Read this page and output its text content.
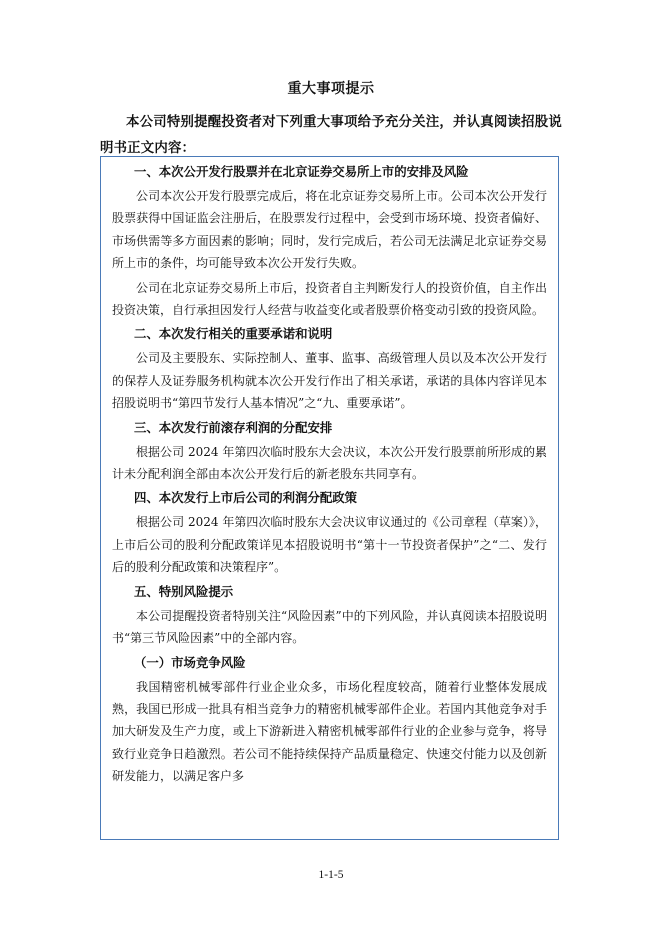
重大事项提示
本公司特别提醒投资者对下列重大事项给予充分关注，并认真阅读招股说明书正文内容：
一、本次公开发行股票并在北京证券交易所上市的安排及风险
公司本次公开发行股票完成后，将在北京证券交易所上市。公司本次公开发行股票获得中国证监会注册后，在股票发行过程中，会受到市场环境、投资者偏好、市场供需等多方面因素的影响；同时，发行完成后，若公司无法满足北京证券交易所上市的条件，均可能导致本次公开发行失败。
公司在北京证券交易所上市后，投资者自主判断发行人的投资价值，自主作出投资决策，自行承担因发行人经营与收益变化或者股票价格变动引致的投资风险。
二、本次发行相关的重要承诺和说明
公司及主要股东、实际控制人、董事、监事、高级管理人员以及本次公开发行的保荐人及证券服务机构就本次公开发行作出了相关承诺，承诺的具体内容详见本招股说明书“第四节发行人基本情况”之“九、重要承诺”。
三、本次发行前滚存利润的分配安排
根据公司 2024 年第四次临时股东大会决议，本次公开发行股票前所形成的累计未分配利润全部由本次公开发行后的新老股东共同享有。
四、本次发行上市后公司的利润分配政策
根据公司 2024 年第四次临时股东大会决议审议通过的《公司章程（草案）》，上市后公司的股利分配政策详见本招股说明书“第十一节投资者保护”之“二、发行后的股利分配政策和决策程序”。
五、特别风险提示
本公司提醒投资者特别关注“风险因素”中的下列风险，并认真阅读本招股说明书“第三节风险因素”中的全部内容。
（一）市场竞争风险
我国精密机械零部件行业企业众多，市场化程度较高，随着行业整体发展成熟，我国已形成一批具有相当竞争力的精密机械零部件企业。若国内其他竞争对手加大研发及生产力度，或上下游新进入精密机械零部件行业的企业参与竞争，将导致行业竞争日趋激烈。若公司不能持续保持产品质量稳定、快速交付能力以及创新研发能力，以满足客户多
1-1-5
